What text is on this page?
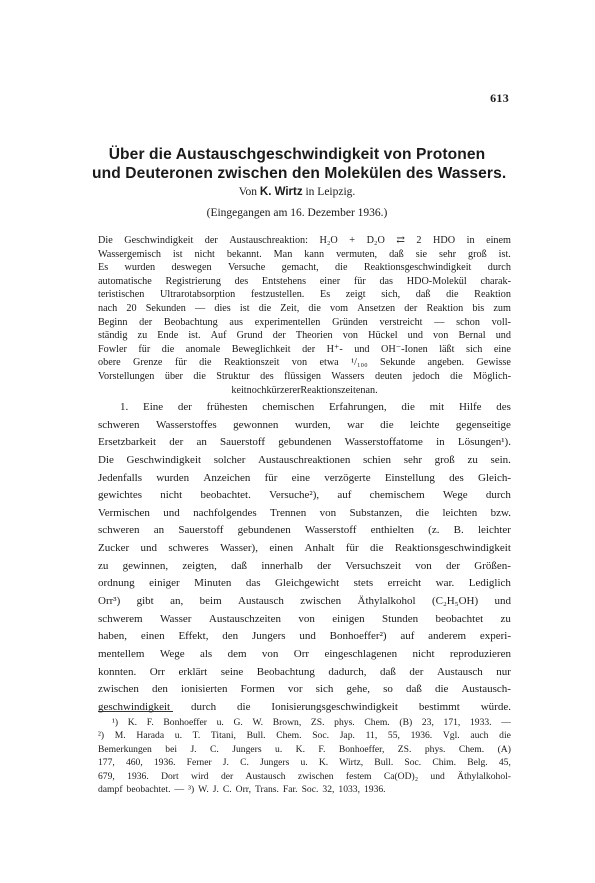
613
Über die Austauschgeschwindigkeit von Protonen
und Deuteronen zwischen den Molekülen des Wassers.
Von K. Wirtz in Leipzig.
(Eingegangen am 16. Dezember 1936.)
Die Geschwindigkeit der Austauschreaktion: H₂O + D₂O ⇄ 2 HDO in einem
Wassergemisch ist nicht bekannt. Man kann vermuten, daß sie sehr groß ist.
Es wurden deswegen Versuche gemacht, die Reaktionsgeschwindigkeit durch
automatische Registrierung des Entstehens einer für das HDO-Molekül charak-
teristischen Ultrarotabsorption festzustellen. Es zeigt sich, daß die Reaktion
nach 20 Sekunden — dies ist die Zeit, die vom Ansetzen der Reaktion bis zum
Beginn der Beobachtung aus experimentellen Gründen verstreicht — schon voll-
ständig zu Ende ist. Auf Grund der Theorien von Hückel und von Bernal und
Fowler für die anomale Beweglichkeit der H⁺- und OH⁻-Ionen läßt sich eine
obere Grenze für die Reaktionszeit von etwa ¹/₁₀₀ Sekunde angeben. Gewisse
Vorstellungen über die Struktur des flüssigen Wassers deuten jedoch die Möglich-
keit noch kürzerer Reaktionszeiten an.
1. Eine der frühesten chemischen Erfahrungen, die mit Hilfe des
schweren Wasserstoffes gewonnen wurden, war die leichte gegenseitige
Ersetzbarkeit der an Sauerstoff gebundenen Wasserstoffatome in Lösungen¹).
Die Geschwindigkeit solcher Austauschreaktionen schien sehr groß zu sein.
Jedenfalls wurden Anzeichen für eine verzögerte Einstellung des Gleich-
gewichtes nicht beobachtet. Versuche²), auf chemischem Wege durch
Vermischen und nachfolgendes Trennen von Substanzen, die leichten bzw.
schweren an Sauerstoff gebundenen Wasserstoff enthielten (z. B. leichter
Zucker und schweres Wasser), einen Anhalt für die Reaktionsgeschwindigkeit
zu gewinnen, zeigten, daß innerhalb der Versuchszeit von der Größen-
ordnung einiger Minuten das Gleichgewicht stets erreicht war. Lediglich
Orr³) gibt an, beim Austausch zwischen Äthylalkohol (C₂H₅OH) und
schwerem Wasser Austauschzeiten von einigen Stunden beobachtet zu
haben, einen Effekt, den Jungers und Bonhoeffer²) auf anderem experi-
mentellem Wege als dem von Orr eingeschlagenen nicht reproduzieren
konnten. Orr erklärt seine Beobachtung dadurch, daß der Austausch nur
zwischen den ionisierten Formen vor sich gehe, so daß die Austausch-
geschwindigkeit durch die Ionisierungsgeschwindigkeit bestimmt würde.
¹) K. F. Bonhoeffer u. G. W. Brown, ZS. phys. Chem. (B) 23, 171, 1933. —
²) M. Harada u. T. Titani, Bull. Chem. Soc. Jap. 11, 55, 1936. Vgl. auch die
Bemerkungen bei J. C. Jungers u. K. F. Bonhoeffer, ZS. phys. Chem. (A)
177, 460, 1936. Ferner J. C. Jungers u. K. Wirtz, Bull. Soc. Chim. Belg. 45,
679, 1936. Dort wird der Austausch zwischen festem Ca(OD)₂ und Äthylalkohol-
dampf beobachtet. — ³) W. J. C. Orr, Trans. Far. Soc. 32, 1033, 1936.
